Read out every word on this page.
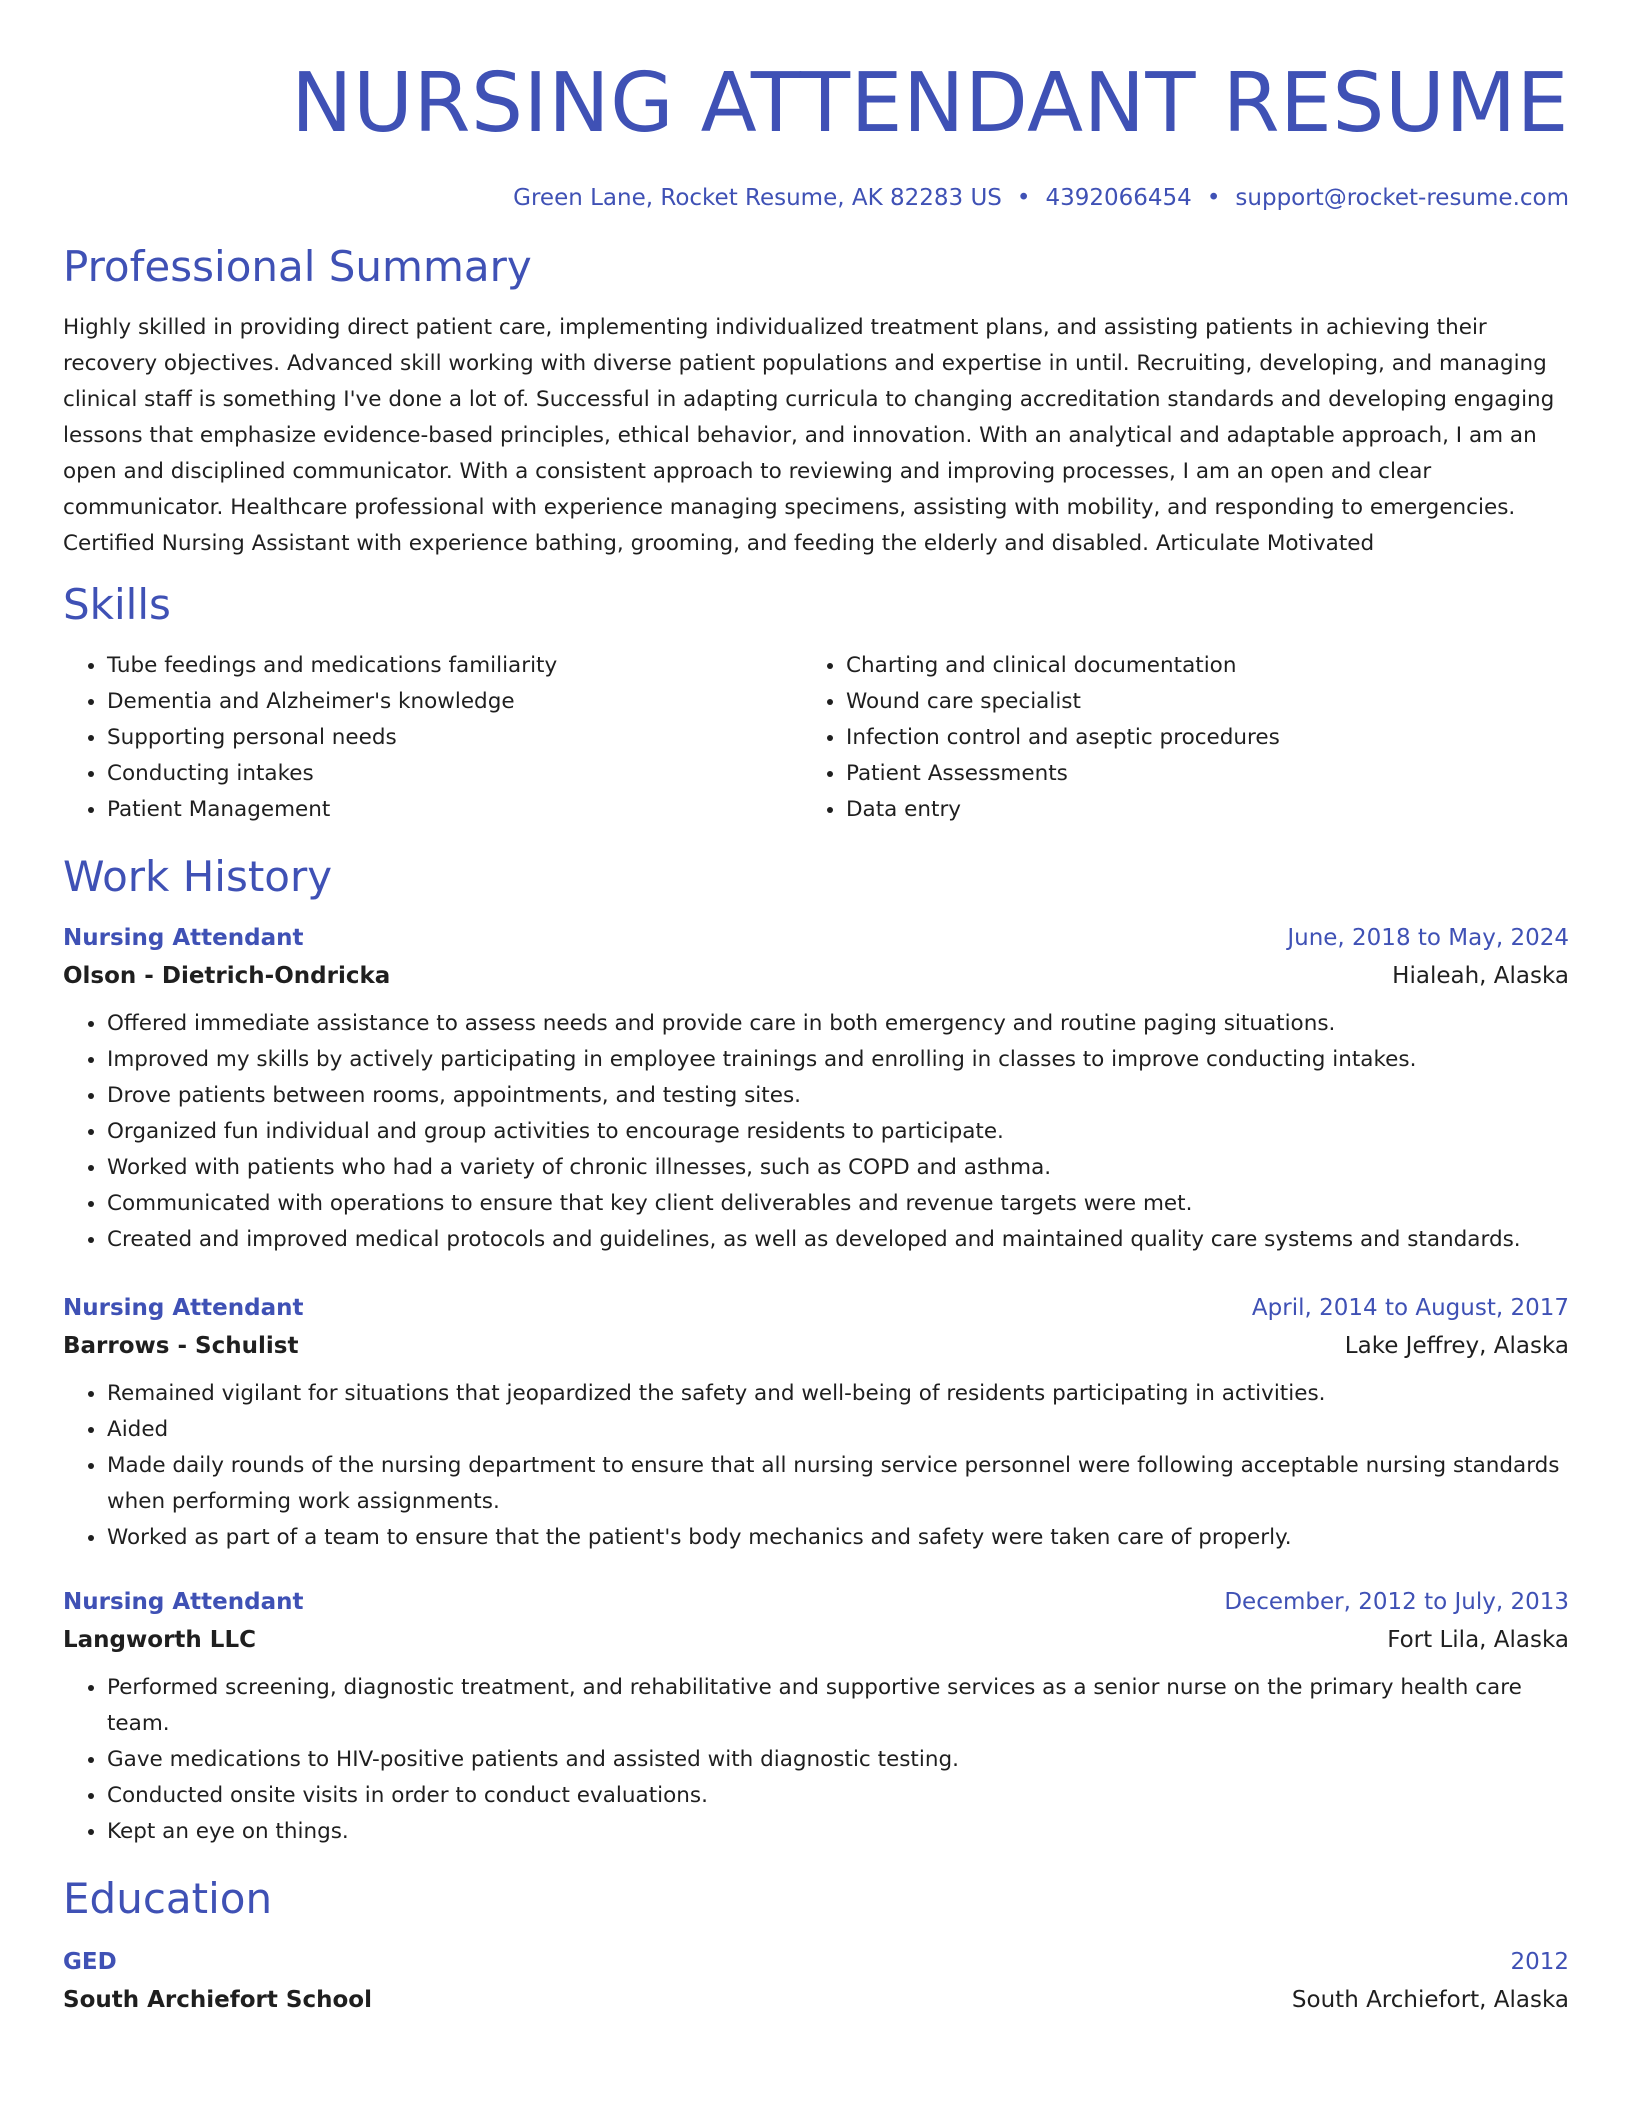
NURSING ATTENDANT RESUME
Green Lane, Rocket Resume, AK 82283 US • 4392066454 • support@rocket-resume.com
Professional Summary

Highly skilled in providing direct patient care, implementing individualized treatment plans, and assisting patients in achieving their recovery objectives. Advanced skill working with diverse patient populations and expertise in until. Recruiting, developing, and managing clinical staff is something I've done a lot of. Successful in adapting curricula to changing accreditation standards and developing engaging lessons that emphasize evidence-based principles, ethical behavior, and innovation. With an analytical and adaptable approach, I am an open and disciplined communicator. With a consistent approach to reviewing and improving processes, I am an open and clear communicator. Healthcare professional with experience managing specimens, assisting with mobility, and responding to emergencies. Certified Nursing Assistant with experience bathing, grooming, and feeding the elderly and disabled. Articulate Motivated

Skills
• Tube feedings and medications familiarity
• Dementia and Alzheimer's knowledge
• Supporting personal needs
• Conducting intakes
• Patient Management
• Charting and clinical documentation
• Wound care specialist
• Infection control and aseptic procedures
• Patient Assessments
• Data entry
Work History
Nursing Attendant	June, 2018 to May, 2024
Olson - Dietrich-Ondricka	Hialeah, Alaska
• Offered immediate assistance to assess needs and provide care in both emergency and routine paging situations.
• Improved my skills by actively participating in employee trainings and enrolling in classes to improve conducting intakes.
• Drove patients between rooms, appointments, and testing sites.
• Organized fun individual and group activities to encourage residents to participate.
• Worked with patients who had a variety of chronic illnesses, such as COPD and asthma.
• Communicated with operations to ensure that key client deliverables and revenue targets were met.
• Created and improved medical protocols and guidelines, as well as developed and maintained quality care systems and standards.
Nursing Attendant	April, 2014 to August, 2017
Barrows - Schulist	Lake Jeffrey, Alaska
• Remained vigilant for situations that jeopardized the safety and well-being of residents participating in activities.
• Aided
• Made daily rounds of the nursing department to ensure that all nursing service personnel were following acceptable nursing standards when performing work assignments.
• Worked as part of a team to ensure that the patient's body mechanics and safety were taken care of properly.
Nursing Attendant	December, 2012 to July, 2013
Langworth LLC	Fort Lila, Alaska
• Performed screening, diagnostic treatment, and rehabilitative and supportive services as a senior nurse on the primary health care team.
• Gave medications to HIV-positive patients and assisted with diagnostic testing.
• Conducted onsite visits in order to conduct evaluations.
• Kept an eye on things.
Education
GED	2012
South Archiefort School	South Archiefort, Alaska
